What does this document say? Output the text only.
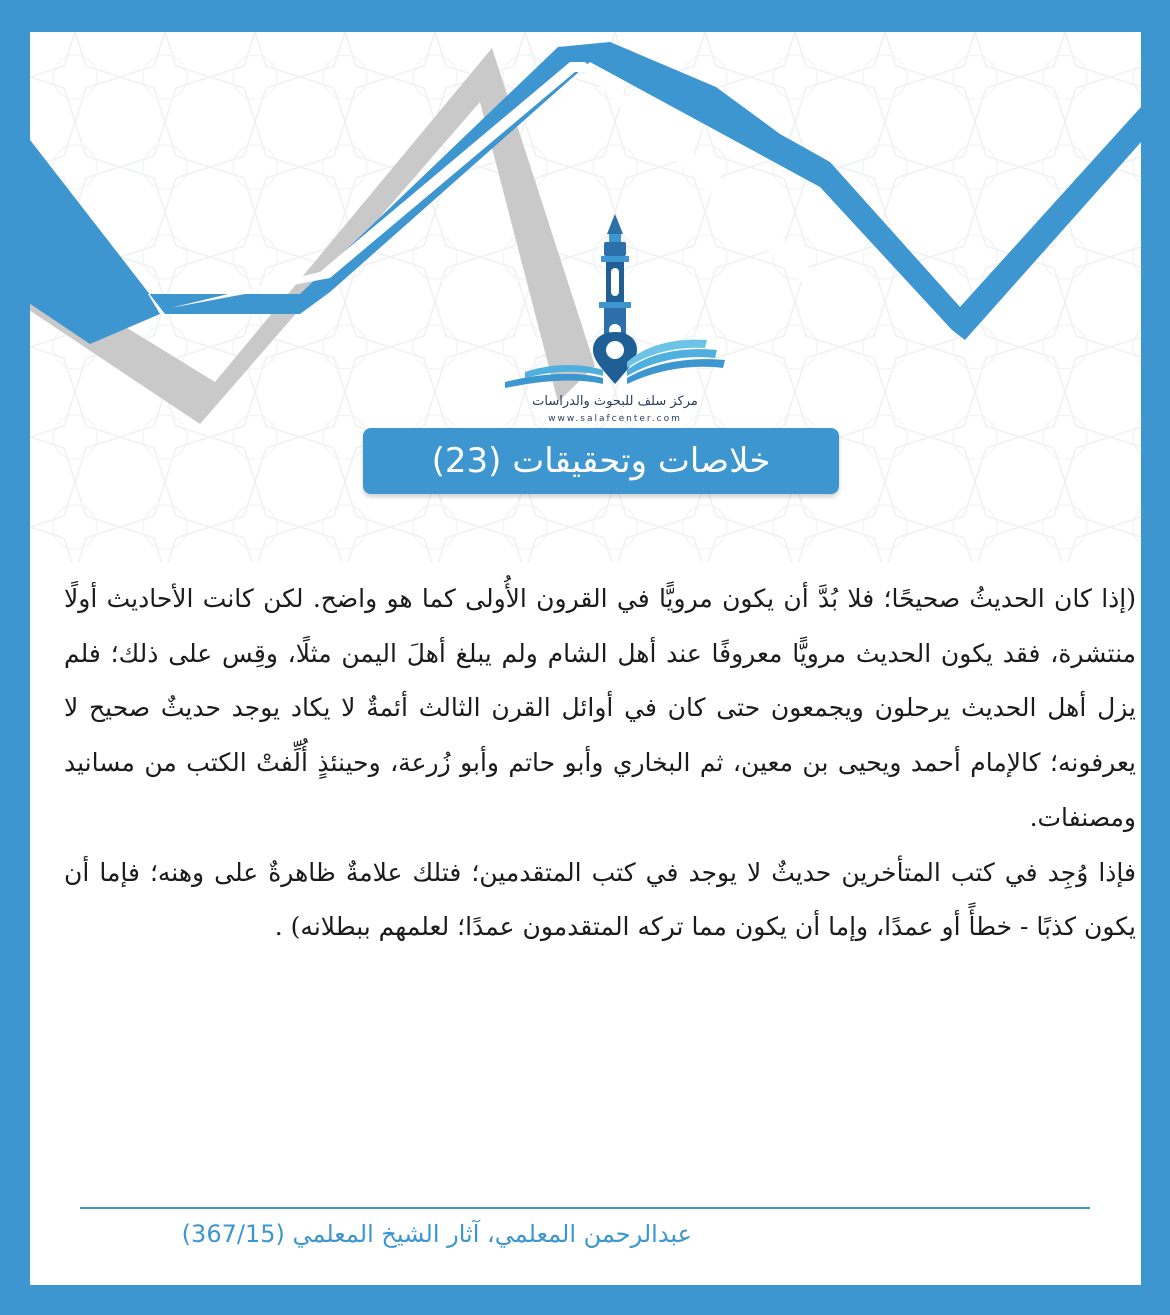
مركز سلف للبحوث والدراسات
www.salafcenter.com
خلاصات وتحقيقات (23)

(إذا كان الحديثُ صحيحًا؛ فلا بُدَّ أن يكون مرويًّا في القرون الأُولى كما هو واضح. لكن كانت الأحاديث أولًا منتشرة، فقد يكون الحديث مرويًّا معروفًا عند أهل الشام ولم يبلغ أهلَ اليمن مثلًا، وقِس على ذلك؛ فلم يزل أهل الحديث يرحلون ويجمعون حتى كان في أوائل القرن الثالث أئمةٌ لا يكاد يوجد حديثٌ صحيح لا يعرفونه؛ كالإمام أحمد ويحيى بن معين، ثم البخاري وأبو حاتم وأبو زُرعة، وحينئذٍ أُلِّفتْ الكتب من مسانيد ومصنفات.

فإذا وُجِد في كتب المتأخرين حديثٌ لا يوجد في كتب المتقدمين؛ فتلك علامةٌ ظاهرةٌ على وهنه؛ فإما أن يكون كذبًا - خطأً أو عمدًا، وإما أن يكون مما تركه المتقدمون عمدًا؛ لعلمهم ببطلانه) .

عبدالرحمن المعلمي، آثار الشيخ المعلمي (367/15)
